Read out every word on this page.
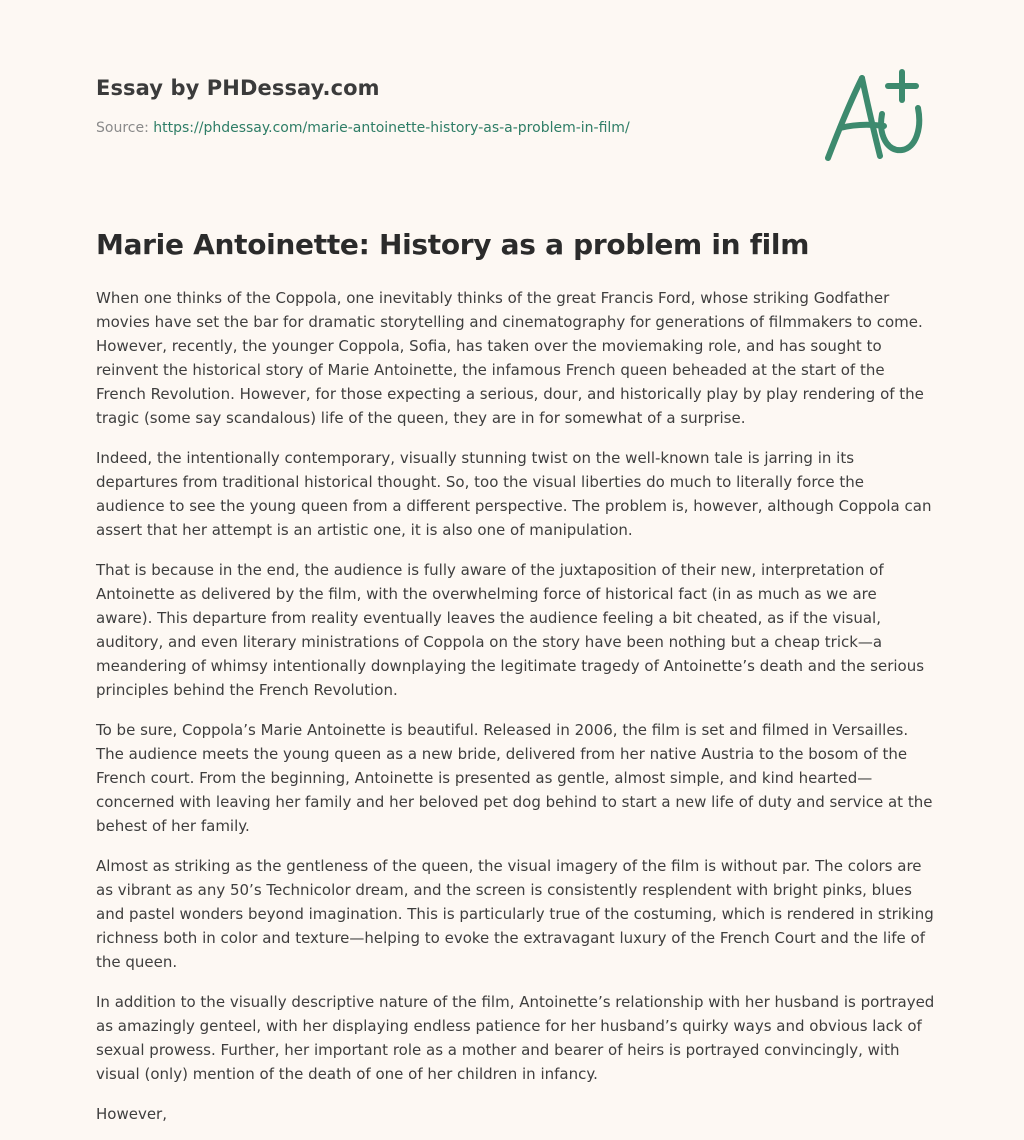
Essay by PHDessay.com
Source: https://phdessay.com/marie-antoinette-history-as-a-problem-in-film/
Marie Antoinette: History as a problem in film

When one thinks of the Coppola, one inevitably thinks of the great Francis Ford, whose striking Godfather movies have set the bar for dramatic storytelling and cinematography for generations of filmmakers to come. However, recently, the younger Coppola, Sofia, has taken over the moviemaking role, and has sought to reinvent the historical story of Marie Antoinette, the infamous French queen beheaded at the start of the French Revolution. However, for those expecting a serious, dour, and historically play by play rendering of the tragic (some say scandalous) life of the queen, they are in for somewhat of a surprise.

Indeed, the intentionally contemporary, visually stunning twist on the well-known tale is jarring in its departures from traditional historical thought. So, too the visual liberties do much to literally force the audience to see the young queen from a different perspective. The problem is, however, although Coppola can assert that her attempt is an artistic one, it is also one of manipulation.

That is because in the end, the audience is fully aware of the juxtaposition of their new, interpretation of Antoinette as delivered by the film, with the overwhelming force of historical fact (in as much as we are aware). This departure from reality eventually leaves the audience feeling a bit cheated, as if the visual, auditory, and even literary ministrations of Coppola on the story have been nothing but a cheap trick—a meandering of whimsy intentionally downplaying the legitimate tragedy of Antoinette’s death and the serious principles behind the French Revolution.

To be sure, Coppola’s Marie Antoinette is beautiful. Released in 2006, the film is set and filmed in Versailles. The audience meets the young queen as a new bride, delivered from her native Austria to the bosom of the French court. From the beginning, Antoinette is presented as gentle, almost simple, and kind hearted—concerned with leaving her family and her beloved pet dog behind to start a new life of duty and service at the behest of her family.

Almost as striking as the gentleness of the queen, the visual imagery of the film is without par. The colors are as vibrant as any 50’s Technicolor dream, and the screen is consistently resplendent with bright pinks, blues and pastel wonders beyond imagination. This is particularly true of the costuming, which is rendered in striking richness both in color and texture—helping to evoke the extravagant luxury of the French Court and the life of the queen.

In addition to the visually descriptive nature of the film, Antoinette’s relationship with her husband is portrayed as amazingly genteel, with her displaying endless patience for her husband’s quirky ways and obvious lack of sexual prowess. Further, her important role as a mother and bearer of heirs is portrayed convincingly, with visual (only) mention of the death of one of her children in infancy.

However,
